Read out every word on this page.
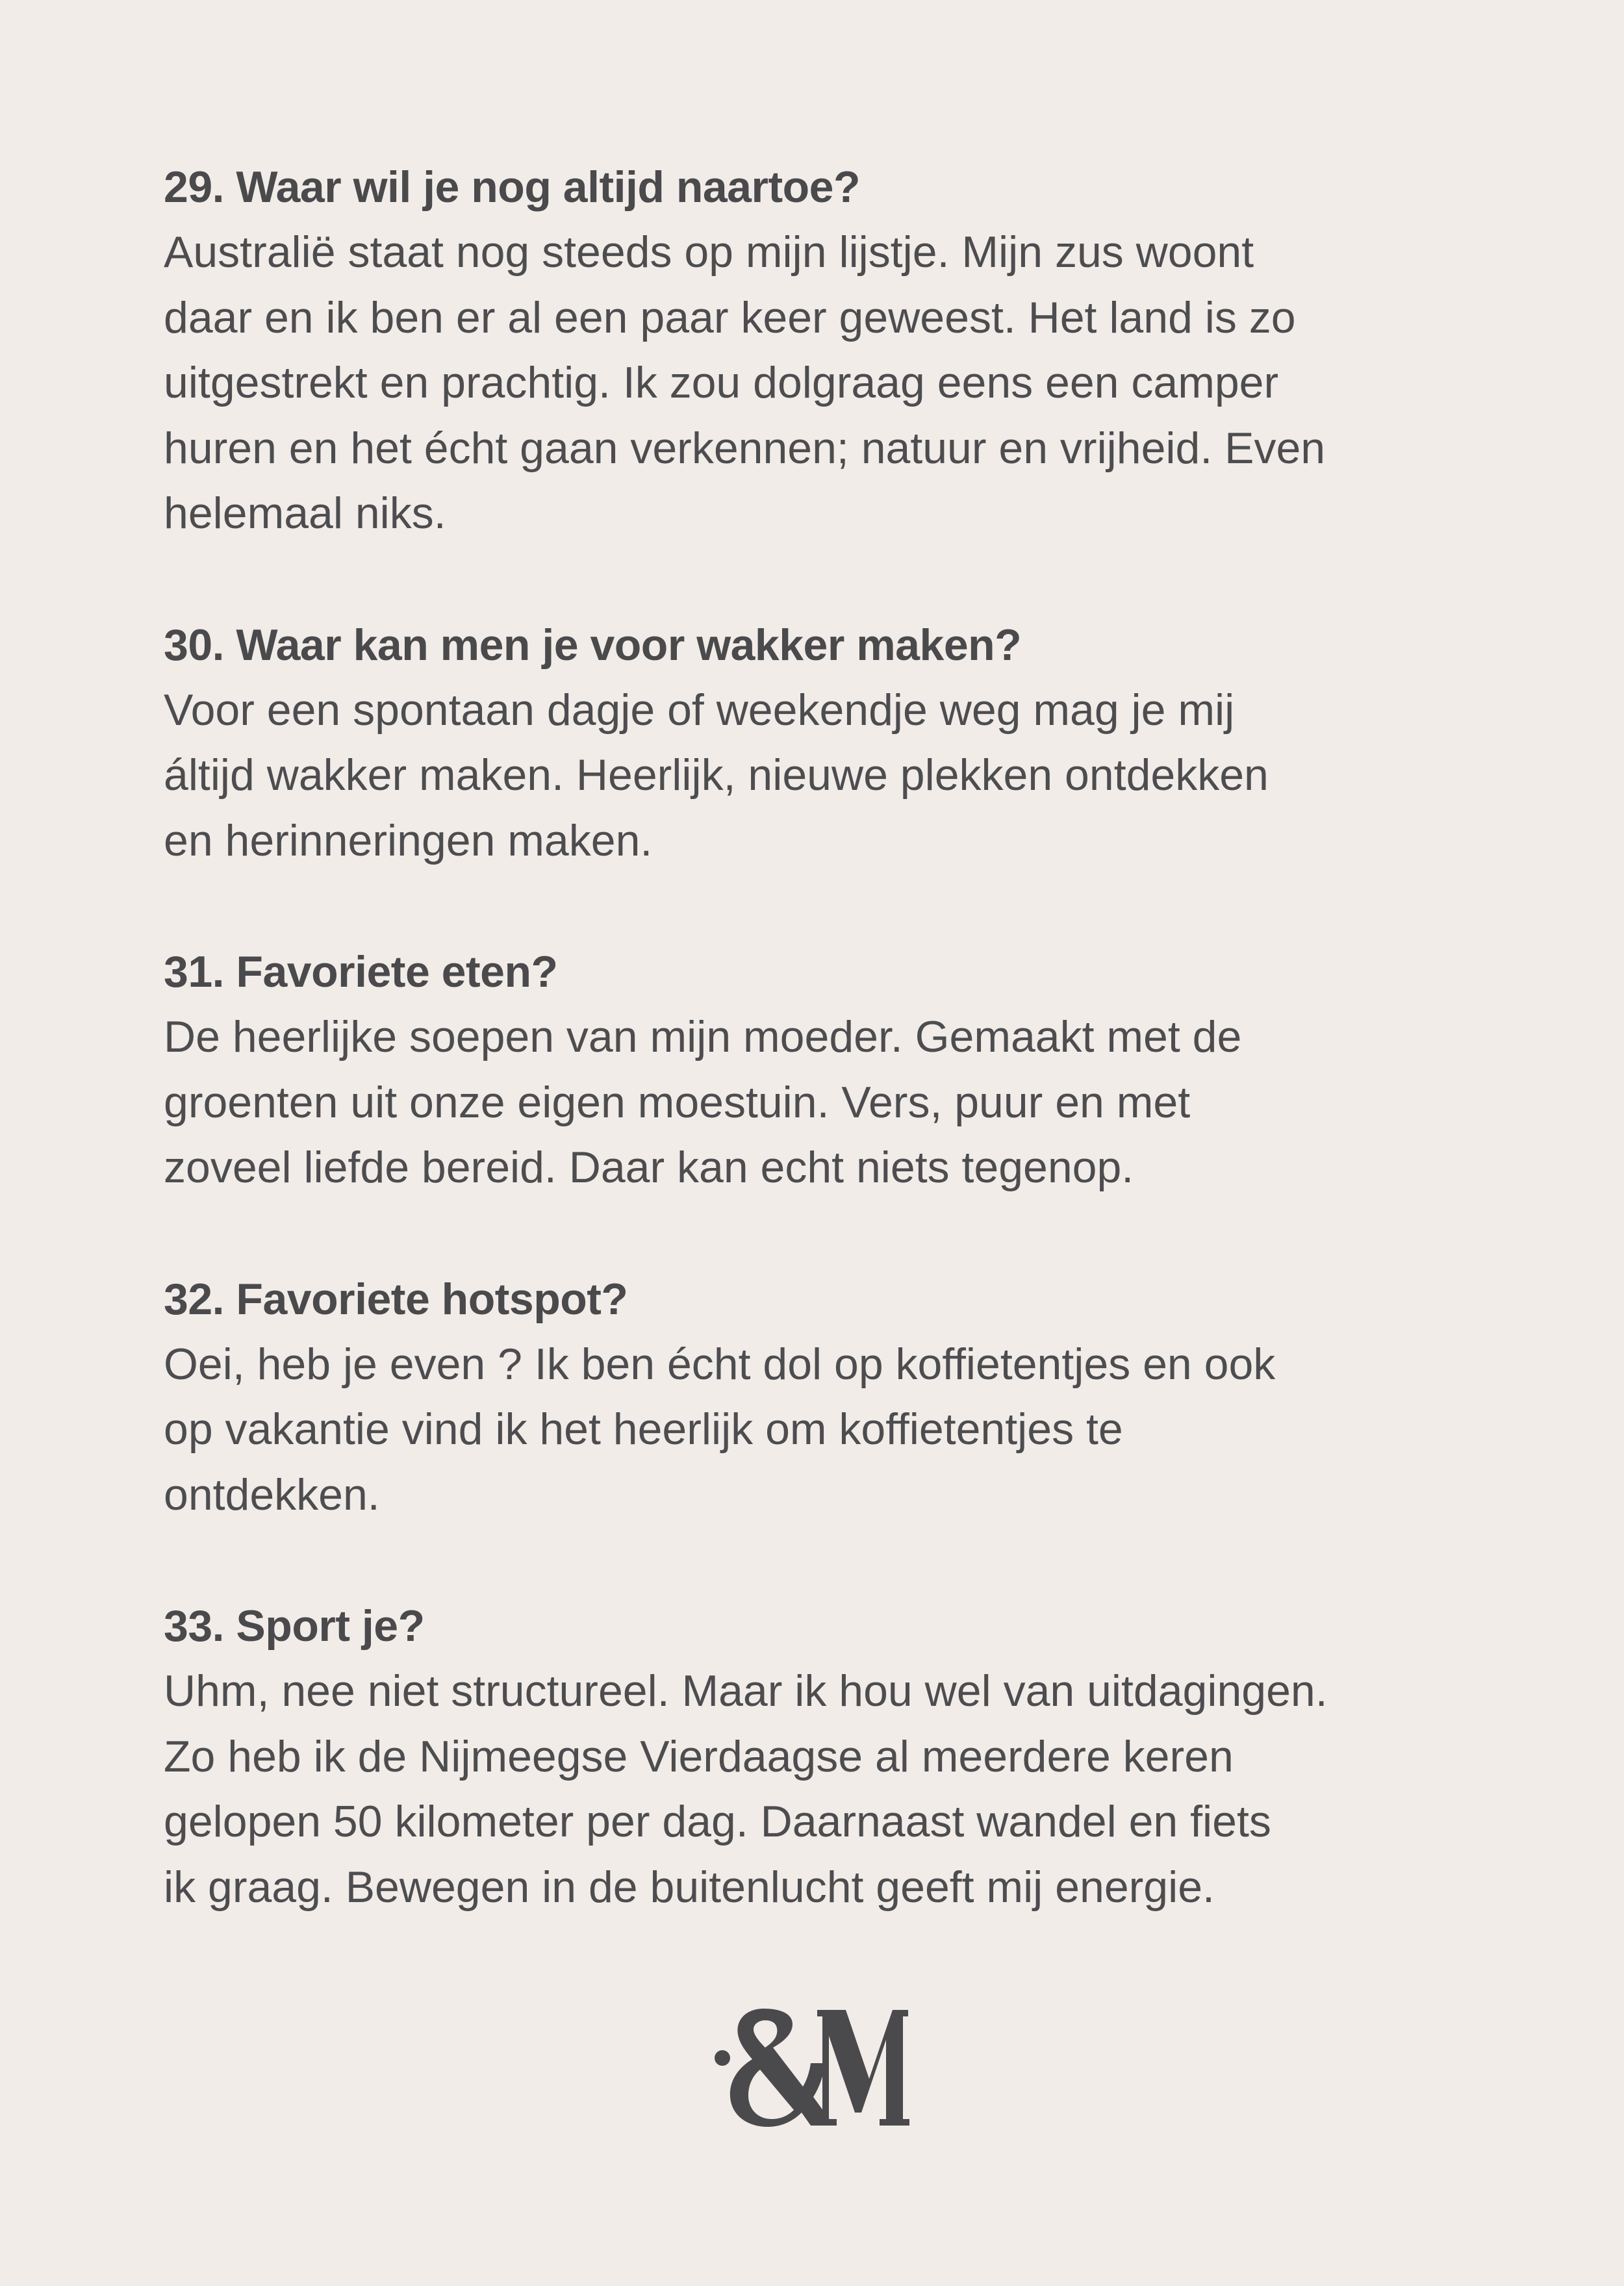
29. Waar wil je nog altijd naartoe?

Australië staat nog steeds op mijn lijstje. Mijn zus woont
daar en ik ben er al een paar keer geweest. Het land is zo
uitgestrekt en prachtig. Ik zou dolgraag eens een camper
huren en het écht gaan verkennen; natuur en vrijheid. Even
helemaal niks.

30. Waar kan men je voor wakker maken?

Voor een spontaan dagje of weekendje weg mag je mij
áltijd wakker maken. Heerlijk, nieuwe plekken ontdekken
en herinneringen maken.

31. Favoriete eten?

De heerlijke soepen van mijn moeder. Gemaakt met de
groenten uit onze eigen moestuin. Vers, puur en met
zoveel liefde bereid. Daar kan echt niets tegenop.

32. Favoriete hotspot?

Oei, heb je even ? Ik ben écht dol op koffietentjes en ook
op vakantie vind ik het heerlijk om koffietentjes te
ontdekken.

33. Sport je?

Uhm, nee niet structureel. Maar ik hou wel van uitdagingen.
Zo heb ik de Nijmeegse Vierdaagse al meerdere keren
gelopen 50 kilometer per dag. Daarnaast wandel en fiets
ik graag. Bewegen in de buitenlucht geeft mij energie.
